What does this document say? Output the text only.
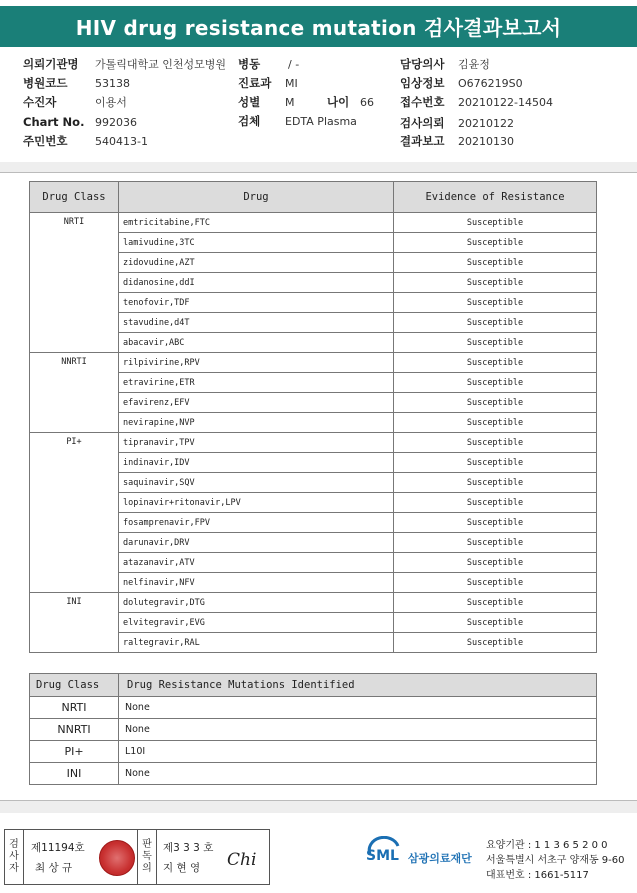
HIV drug resistance mutation 검사결과보고서
의뢰기관명 가톨릭대학교 인천성모병원
병원코드	53138
수진자	이용서
Chart No. 992036
주민번호	540413-1
병동	/ -
진료과 MI
성별 M	나이 66
검체 EDTA Plasma
담당의사 김윤정
임상정보 O676219S0
접수번호 20210122-14504
검사의뢰 20210122
결과보고 20210130
Drug Class	Drug	Evidence of Resistance
NRTI	emtricitabine,FTC	Susceptible
	lamivudine,3TC	Susceptible
	zidovudine,AZT	Susceptible
	didanosine,ddI	Susceptible
	tenofovir,TDF	Susceptible
	stavudine,d4T	Susceptible
	abacavir,ABC	Susceptible
NNRTI	rilpivirine,RPV	Susceptible
	etravirine,ETR	Susceptible
	efavirenz,EFV	Susceptible
	nevirapine,NVP	Susceptible
PI+	tipranavir,TPV	Susceptible
	indinavir,IDV	Susceptible
	saquinavir,SQV	Susceptible
	lopinavir+ritonavir,LPV	Susceptible
	fosamprenavir,FPV	Susceptible
	darunavir,DRV	Susceptible
	atazanavir,ATV	Susceptible
	nelfinavir,NFV	Susceptible
INI	dolutegravir,DTG	Susceptible
	elvitegravir,EVG	Susceptible
	raltegravir,RAL	Susceptible
Drug Class	Drug Resistance Mutations Identified
NRTI	None
NNRTI	None
PI+	L10I
INI	None
검
사
자
제11194호
최 상 규
판
독
의
제3 3 3 호
지 현 영 Chi	SML 삼광의료재단
요양기관 : 1 1 3 6 5 2 0 0
서울특별시 서초구 양재동 9-60
대표번호 : 1661-5117
